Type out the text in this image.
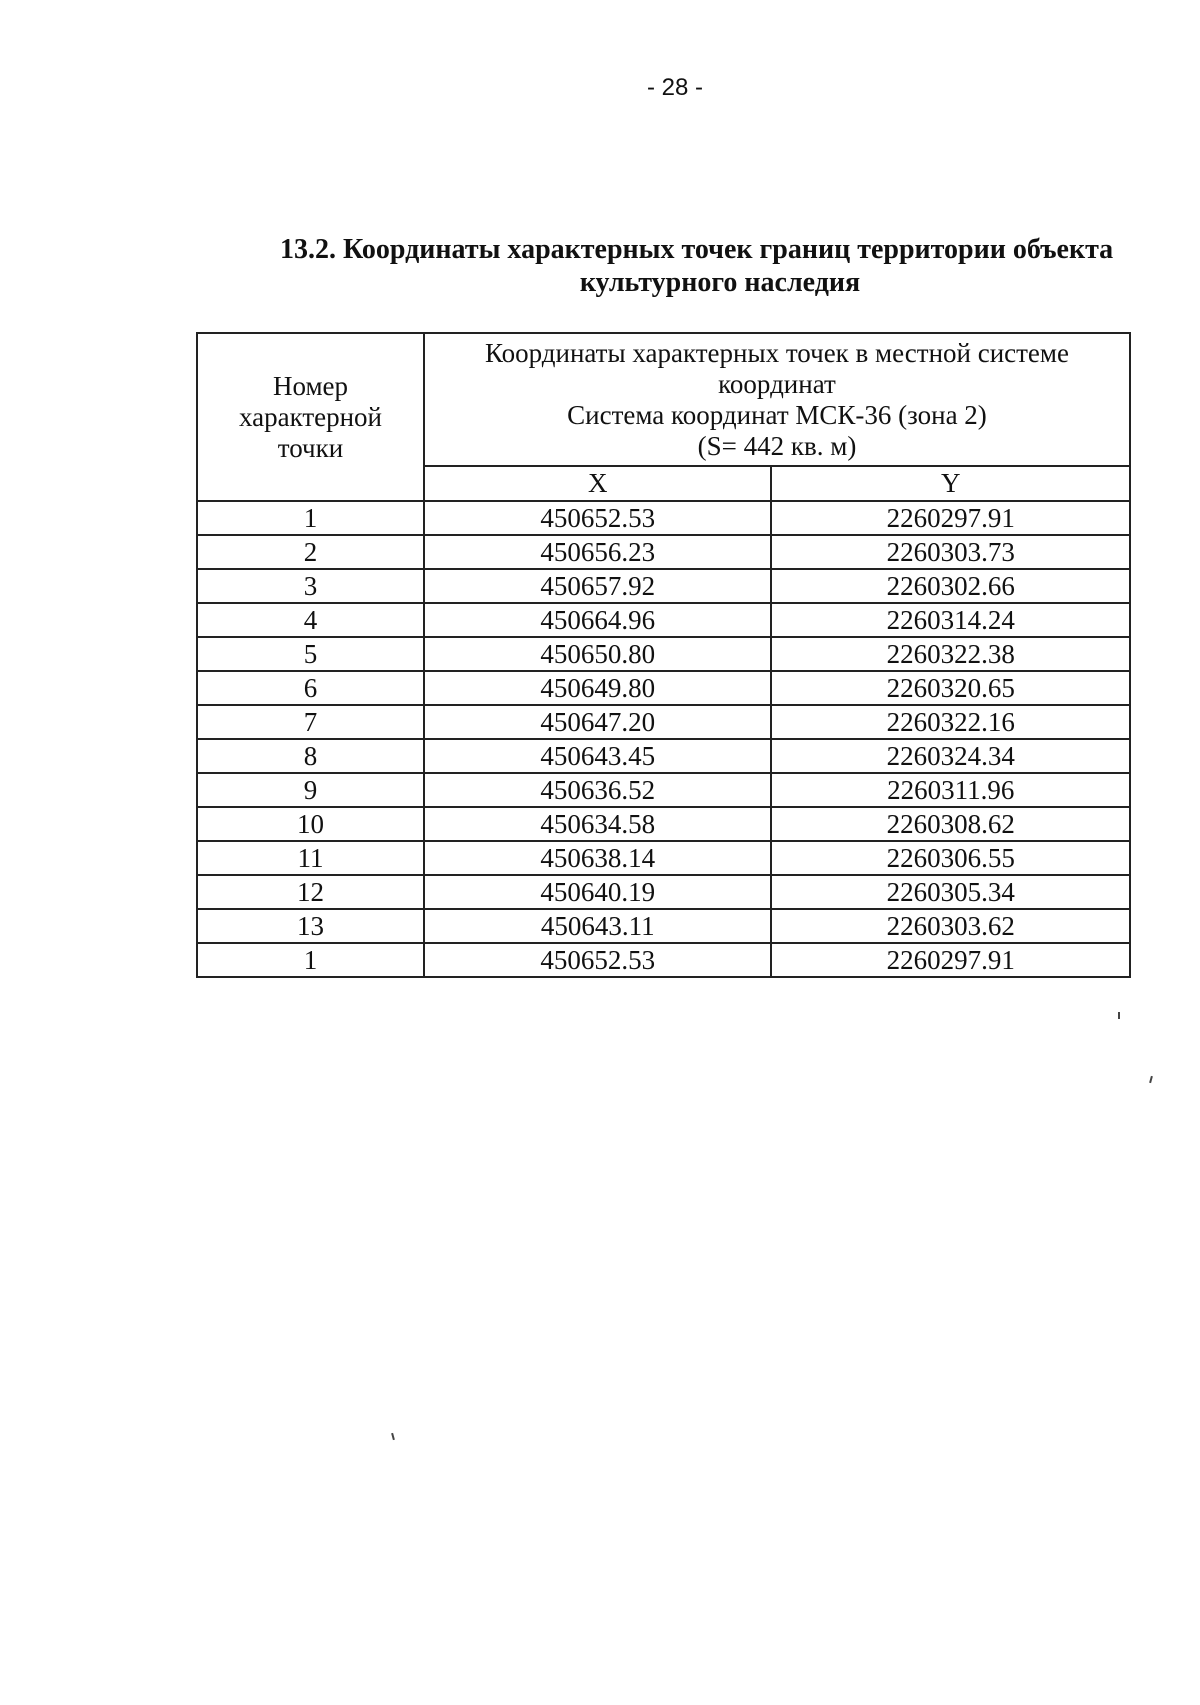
- 28 -
13.2. Координаты характерных точек границ территории объекта
культурного наследия
Номер
характерной
точки	Координаты характерных точек в местной системе
координат
Система координат МСК-36 (зона 2)
(S= 442 кв. м)	

	X	Y
1	450652.53	2260297.91
2	450656.23	2260303.73
3	450657.92	2260302.66
4	450664.96	2260314.24
5	450650.80	2260322.38
6	450649.80	2260320.65
7	450647.20	2260322.16
8	450643.45	2260324.34
9	450636.52	2260311.96
10	450634.58	2260308.62
11	450638.14	2260306.55
12	450640.19	2260305.34
13	450643.11	2260303.62
1	450652.53	2260297.91
